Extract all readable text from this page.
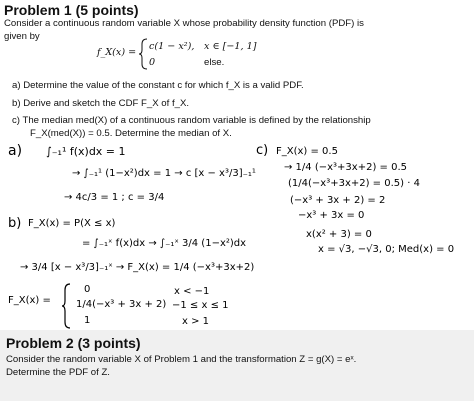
Problem 1 (5 points)
Consider a continuous random variable X whose probability density function (PDF) is
given by
f_X(x) =
c(1 − x²), x ∈ [−1, 1]
0	else.
a) Determine the value of the constant c for which f_X is a valid PDF.
b) Derive and sketch the CDF F_X of f_X.
c) The median med(X) of a continuous random variable is defined by the relationship
F_X(med(X)) = 0.5. Determine the median of X.
a) ∫₋₁¹ f(x)dx = 1
→ ∫₋₁¹ (1−x²)dx = 1 → c [x − x³/3]₋₁¹
→ 4c/3 = 1 ; c = 3/4
b) F_X(x) = P(X ≤ x)
= ∫₋₁ˣ f(x)dx → ∫₋₁ˣ 3/4 (1−x²)dx
→ 3/4 [x − x³/3]₋₁ˣ → F_X(x) = 1/4 (−x³+3x+2)
F_X(x) =
0	x < −1
1/4(−x³ + 3x + 2) −1 ≤ x ≤ 1
1	x > 1
c) F_X(x) = 0.5
→ 1/4 (−x³+3x+2) = 0.5
(1/4(−x³+3x+2) = 0.5) · 4
(−x³ + 3x + 2) = 2
−x³ + 3x = 0
x(x² + 3) = 0
x = √3, −√3, 0; Med(x) = 0
Problem 2 (3 points)
Consider the random variable X of Problem 1 and the transformation Z = g(X) = eˣ.
Determine the PDF of Z.
